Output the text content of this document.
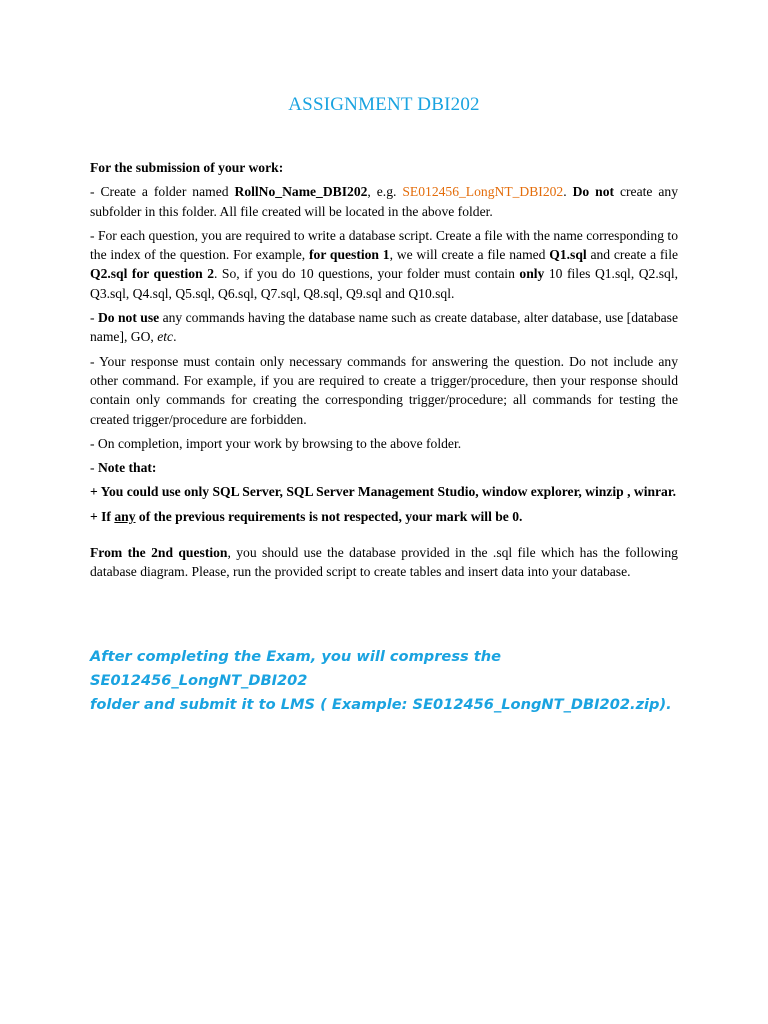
ASSIGNMENT DBI202

For the submission of your work:

- Create a folder named RollNo_Name_DBI202, e.g. SE012456_LongNT_DBI202. Do not create any subfolder in this folder. All file created will be located in the above folder.

- For each question, you are required to write a database script. Create a file with the name corresponding to the index of the question. For example, for question 1, we will create a file named Q1.sql and create a file Q2.sql for question 2. So, if you do 10 questions, your folder must contain only 10 files Q1.sql, Q2.sql, Q3.sql, Q4.sql, Q5.sql, Q6.sql, Q7.sql, Q8.sql, Q9.sql and Q10.sql.

- Do not use any commands having the database name such as create database, alter database, use [database name], GO, etc.

- Your response must contain only necessary commands for answering the question. Do not include any other command. For example, if you are required to create a trigger/procedure, then your response should contain only commands for creating the corresponding trigger/procedure; all commands for testing the created trigger/procedure are forbidden.

- On completion, import your work by browsing to the above folder.

- Note that:

+ You could use only SQL Server, SQL Server Management Studio, window explorer, winzip , winrar.

+ If any of the previous requirements is not respected, your mark will be 0.

From the 2nd question, you should use the database provided in the .sql file which has the following database diagram. Please, run the provided script to create tables and insert data into your database.

After completing the Exam, you will compress the SE012456_LongNT_DBI202

folder and submit it to LMS ( Example: SE012456_LongNT_DBI202.zip).
